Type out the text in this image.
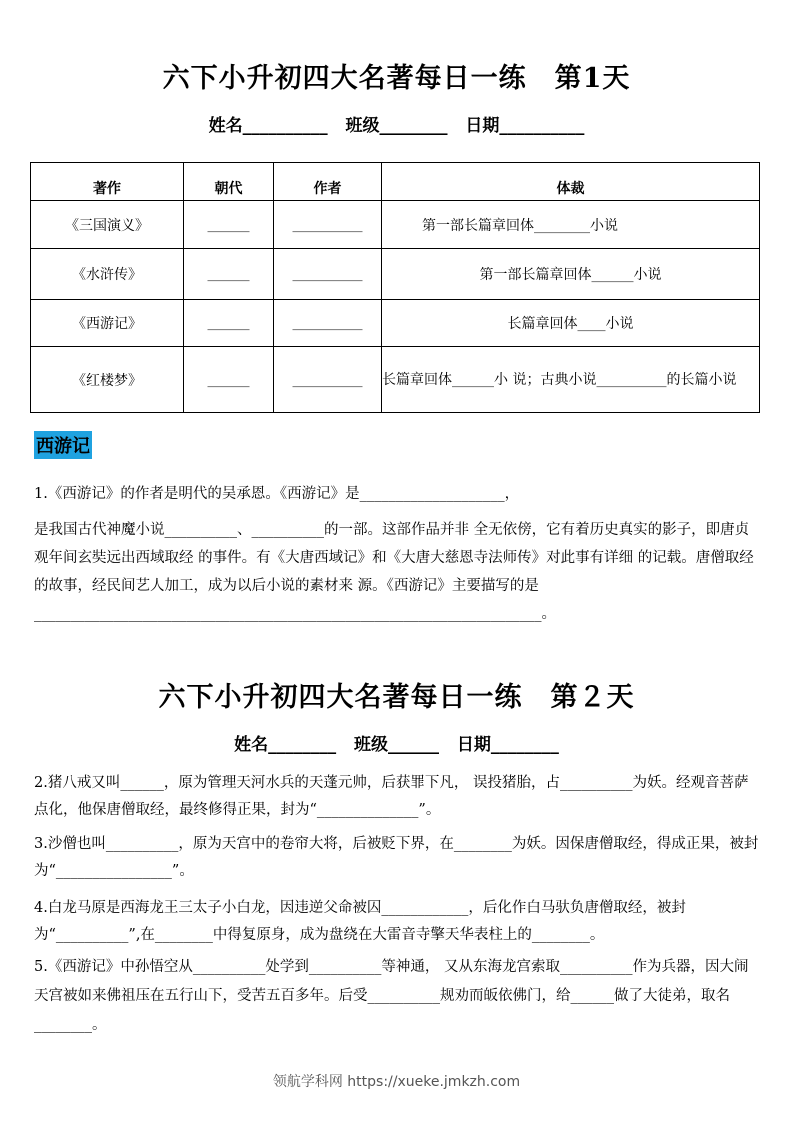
六下小升初四大名著每日一练　第1天
姓名__________ 班级________ 日期__________
著作	朝代	作者	体裁
《三国演义》	______	__________	第一部长篇章回体________小说
《水浒传》	______	__________	第一部长篇章回体______小说
《西游记》	______	__________	长篇章回体____小说
《红楼梦》	______	__________	长篇章回体______小 说；古典小说__________的长篇小说
西游记
1.《西游记》的作者是明代的吴承恩。《西游记》是____________________，
是我国古代神魔小说__________、__________的一部。这部作品并非 全无依傍，它有着历史真实的影子，即唐贞观年间玄奘远出西域取经 的事件。有《大唐西域记》和《大唐大慈恩寺法师传》对此事有详细 的记载。唐僧取经的故事，经民间艺人加工，成为以后小说的素材来 源。《西游记》主要描写的是______________________________________________________________________。
六下小升初四大名著每日一练　第２天
姓名________ 班级______ 日期________
2.猪八戒又叫______，原为管理天河水兵的天蓬元帅，后获罪下凡， 误投猪胎，占__________为妖。经观音菩萨点化，他保唐僧取经，最终修得正果，封为“______________”。
3.沙僧也叫__________，原为天宫中的卷帘大将，后被贬下界，在________为妖。因保唐僧取经，得成正果，被封为“________________”。
4.白龙马原是西海龙王三太子小白龙，因违逆父命被囚____________，后化作白马驮负唐僧取经，被封为“__________”,在________中得复原身，成为盘绕在大雷音寺擎天华表柱上的________。
5.《西游记》中孙悟空从__________处学到__________等神通， 又从东海龙宫索取__________作为兵器，因大闹天宫被如来佛祖压在五行山下，受苦五百多年。后受__________规劝而皈依佛门，给______做了大徒弟，取名________。
领航学科网 https://xueke.jmkzh.com
